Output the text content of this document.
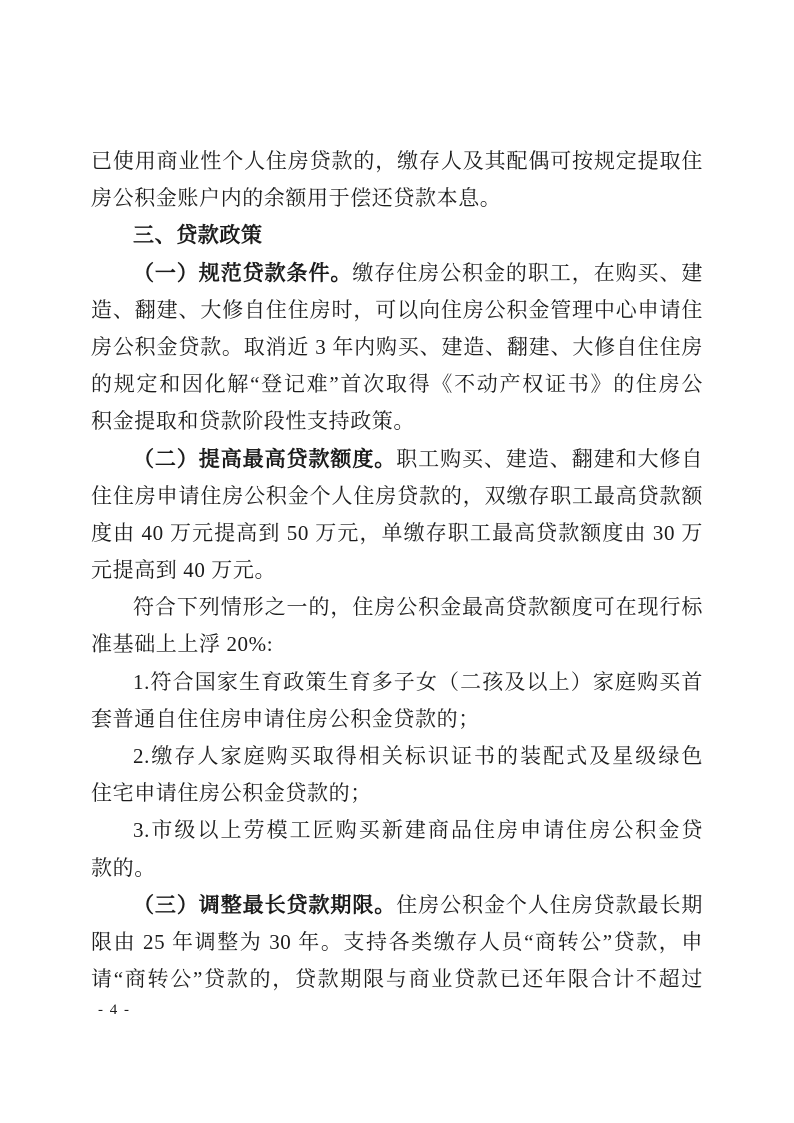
已使用商业性个人住房贷款的，缴存人及其配偶可按规定提取住
房公积金账户内的余额用于偿还贷款本息。
三、贷款政策
（一）规范贷款条件。缴存住房公积金的职工，在购买、建
造、翻建、大修自住住房时，可以向住房公积金管理中心申请住
房公积金贷款。取消近 3 年内购买、建造、翻建、大修自住住房
的规定和因化解“登记难”首次取得《不动产权证书》的住房公
积金提取和贷款阶段性支持政策。
（二）提高最高贷款额度。职工购买、建造、翻建和大修自
住住房申请住房公积金个人住房贷款的，双缴存职工最高贷款额
度由 40 万元提高到 50 万元，单缴存职工最高贷款额度由 30 万
元提高到 40 万元。
符合下列情形之一的，住房公积金最高贷款额度可在现行标
准基础上上浮 20%:
1.符合国家生育政策生育多子女（二孩及以上）家庭购买首
套普通自住住房申请住房公积金贷款的；
2.缴存人家庭购买取得相关标识证书的装配式及星级绿色
住宅申请住房公积金贷款的；
3.市级以上劳模工匠购买新建商品住房申请住房公积金贷
款的。
（三）调整最长贷款期限。住房公积金个人住房贷款最长期
限由 25 年调整为 30 年。支持各类缴存人员“商转公”贷款，申
请“商转公”贷款的，贷款期限与商业贷款已还年限合计不超过
- 4 -
